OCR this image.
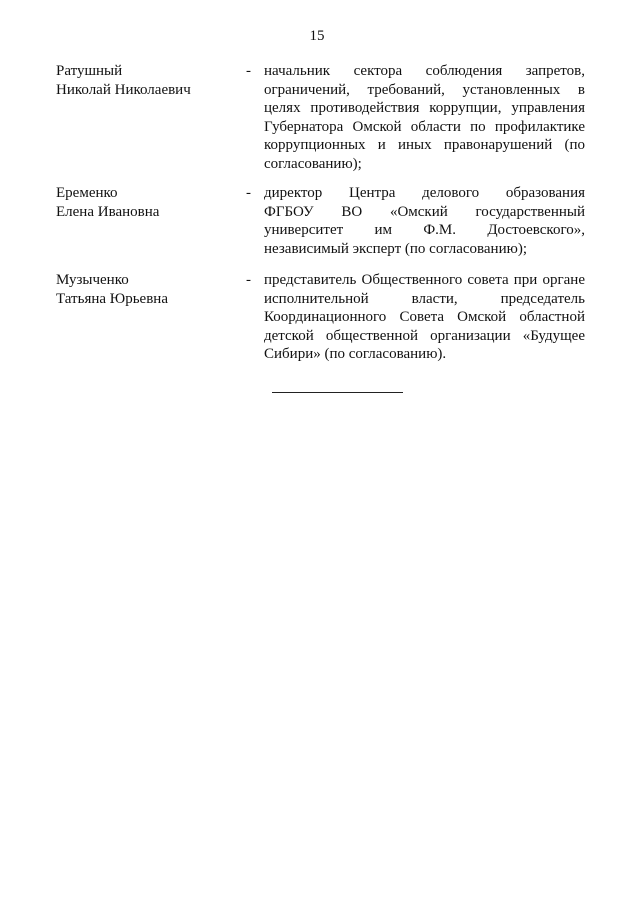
15
Ратушный
Николай Николаевич
- начальник сектора соблюдения запретов,
ограничений, требований, установленных в
целях противодействия коррупции, управления
Губернатора Омской области по профилактике
коррупционных и иных правонарушений (по
согласованию);
Еременко
Елена Ивановна
- директор Центра делового образования
ФГБОУ ВО «Омский государственный
университет им Ф.М. Достоевского»,
независимый эксперт (по согласованию);
Музыченко
Татьяна Юрьевна
- представитель Общественного совета при органе
исполнительной власти, председатель
Координационного Совета Омской областной
детской общественной организации «Будущее
Сибири» (по согласованию).
